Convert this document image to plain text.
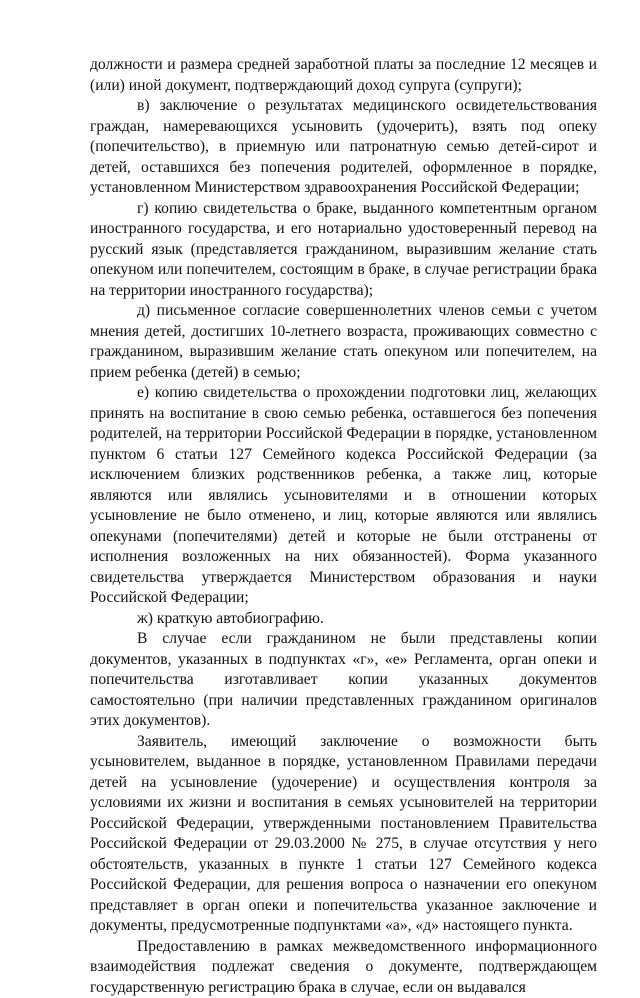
должности и размера средней заработной платы за последние 12 месяцев и (или) иной документ, подтверждающий доход супруга (супруги);

в) заключение о результатах медицинского освидетельствования граждан, намеревающихся усыновить (удочерить), взять под опеку (попечительство), в приемную или патронатную семью детей-сирот и детей, оставшихся без попечения родителей, оформленное в порядке, установленном Министерством здравоохранения Российской Федерации;

г) копию свидетельства о браке, выданного компетентным органом иностранного государства, и его нотариально удостоверенный перевод на русский язык (представляется гражданином, выразившим желание стать опекуном или попечителем, состоящим в браке, в случае регистрации брака на территории иностранного государства);

д) письменное согласие совершеннолетних членов семьи с учетом мнения детей, достигших 10-летнего возраста, проживающих совместно с гражданином, выразившим желание стать опекуном или попечителем, на прием ребенка (детей) в семью;

е) копию свидетельства о прохождении подготовки лиц, желающих принять на воспитание в свою семью ребенка, оставшегося без попечения родителей, на территории Российской Федерации в порядке, установленном пунктом 6 статьи 127 Семейного кодекса Российской Федерации (за исключением близких родственников ребенка, а также лиц, которые являются или являлись усыновителями и в отношении которых усыновление не было отменено, и лиц, которые являются или являлись опекунами (попечителями) детей и которые не были отстранены от исполнения возложенных на них обязанностей). Форма указанного свидетельства утверждается Министерством образования и науки Российской Федерации;

ж) краткую автобиографию.

В случае если гражданином не были представлены копии документов, указанных в подпунктах «г», «е» Регламента, орган опеки и попечительства изготавливает копии указанных документов самостоятельно (при наличии представленных гражданином оригиналов этих документов).

Заявитель, имеющий заключение о возможности быть усыновителем, выданное в порядке, установленном Правилами передачи детей на усыновление (удочерение) и осуществления контроля за условиями их жизни и воспитания в семьях усыновителей на территории Российской Федерации, утвержденными постановлением Правительства Российской Федерации от 29.03.2000 № 275, в случае отсутствия у него обстоятельств, указанных в пункте 1 статьи 127 Семейного кодекса Российской Федерации, для решения вопроса о назначении его опекуном представляет в орган опеки и попечительства указанное заключение и документы, предусмотренные подпунктами «а», «д» настоящего пункта.

Предоставлению в рамках межведомственного информационного взаимодействия подлежат сведения о документе, подтверждающем государственную регистрацию брака в случае, если он выдавался
